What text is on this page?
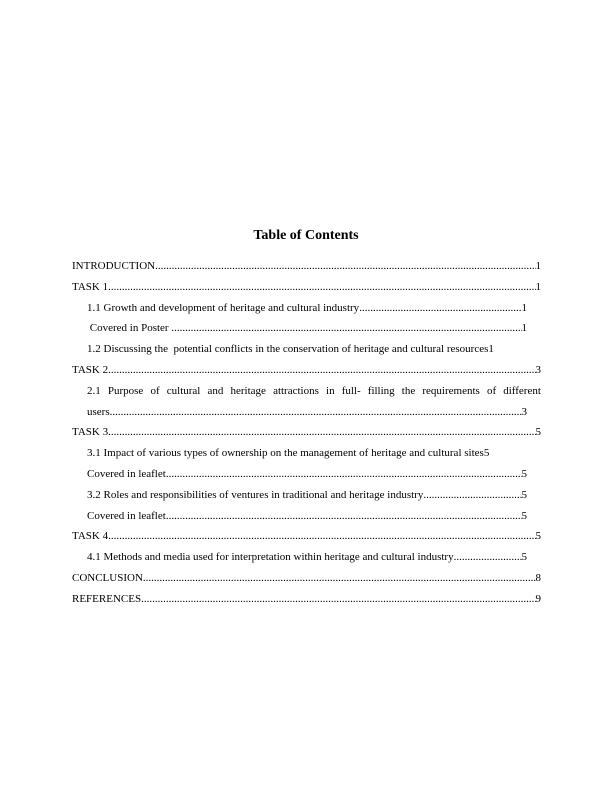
Table of Contents
INTRODUCTION .....	1
TASK 1 .....	1
1.1 Growth and development of heritage and cultural industry .....	1
Covered in Poster .....	1
1.2 Discussing the  potential conflicts in the conservation of heritage and cultural resources 1
TASK 2 .....	3
2.1 Purpose of cultural and heritage attractions in full- filling the requirements of different
users .....	3
TASK 3 .....	5
3.1 Impact of various types of ownership on the management of heritage and cultural sites 5
Covered in leaflet .....	5
3.2 Roles and responsibilities of ventures in traditional and heritage industry .....	5
Covered in leaflet .....	5
TASK 4 .....	5
4.1 Methods and media used for interpretation within heritage and cultural industry .....	5
CONCLUSION .....	8
REFERENCES .....	9
